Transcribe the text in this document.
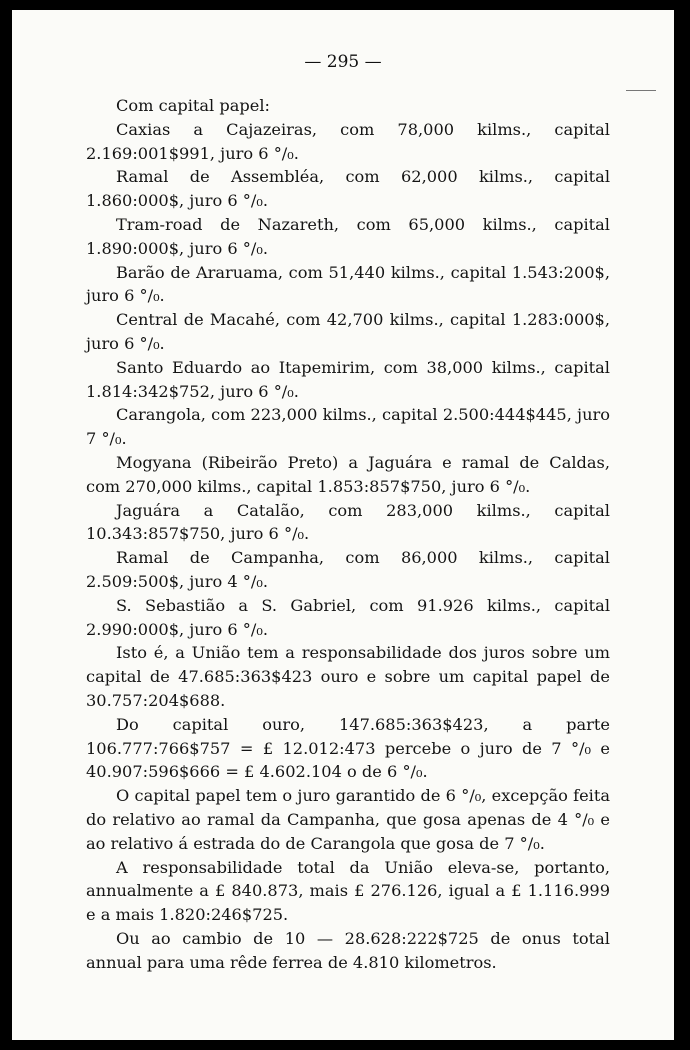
— 295 —

Com capital papel:

Caxias a Cajazeiras, com 78,000 kilms., capital 2.169:001$991, juro 6 °/₀.

Ramal de Assembléa, com 62,000 kilms., capital 1.860:000$, juro 6 °/₀.

Tram-road de Nazareth, com 65,000 kilms., capital 1.890:000$, juro 6 °/₀.

Barão de Araruama, com 51,440 kilms., capital 1.543:200$, juro 6 °/₀.

Central de Macahé, com 42,700 kilms., capital 1.283:000$, juro 6 °/₀.

Santo Eduardo ao Itapemirim, com 38,000 kilms., capital 1.814:342$752, juro 6 °/₀.

Carangola, com 223,000 kilms., capital 2.500:444$445, juro 7 °/₀.

Mogyana (Ribeirão Preto) a Jaguára e ramal de Caldas, com 270,000 kilms., capital 1.853:857$750, juro 6 °/₀.

Jaguára a Catalão, com 283,000 kilms., capital 10.343:857$750, juro 6 °/₀.

Ramal de Campanha, com 86,000 kilms., capital 2.509:500$, juro 4 °/₀.

S. Sebastião a S. Gabriel, com 91.926 kilms., capital 2.990:000$, juro 6 °/₀.

Isto é, a União tem a responsabilidade dos juros sobre um capital de 47.685:363$423 ouro e sobre um capital papel de 30.757:204$688.

Do capital ouro, 147.685:363$423, a parte 106.777:766$757 = £ 12.012:473 percebe o juro de 7 °/₀ e 40.907:596$666 = £ 4.602.104 o de 6 °/₀.

O capital papel tem o juro garantido de 6 °/₀, excepção feita do relativo ao ramal da Campanha, que gosa apenas de 4 °/₀ e ao relativo á estrada do de Carangola que gosa de 7 °/₀.

A responsabilidade total da União eleva-se, portanto, annualmente a £ 840.873, mais £ 276.126, igual a £ 1.116.999 e a mais 1.820:246$725.

Ou ao cambio de 10 — 28.628:222$725 de onus total annual para uma rêde ferrea de 4.810 kilometros.
